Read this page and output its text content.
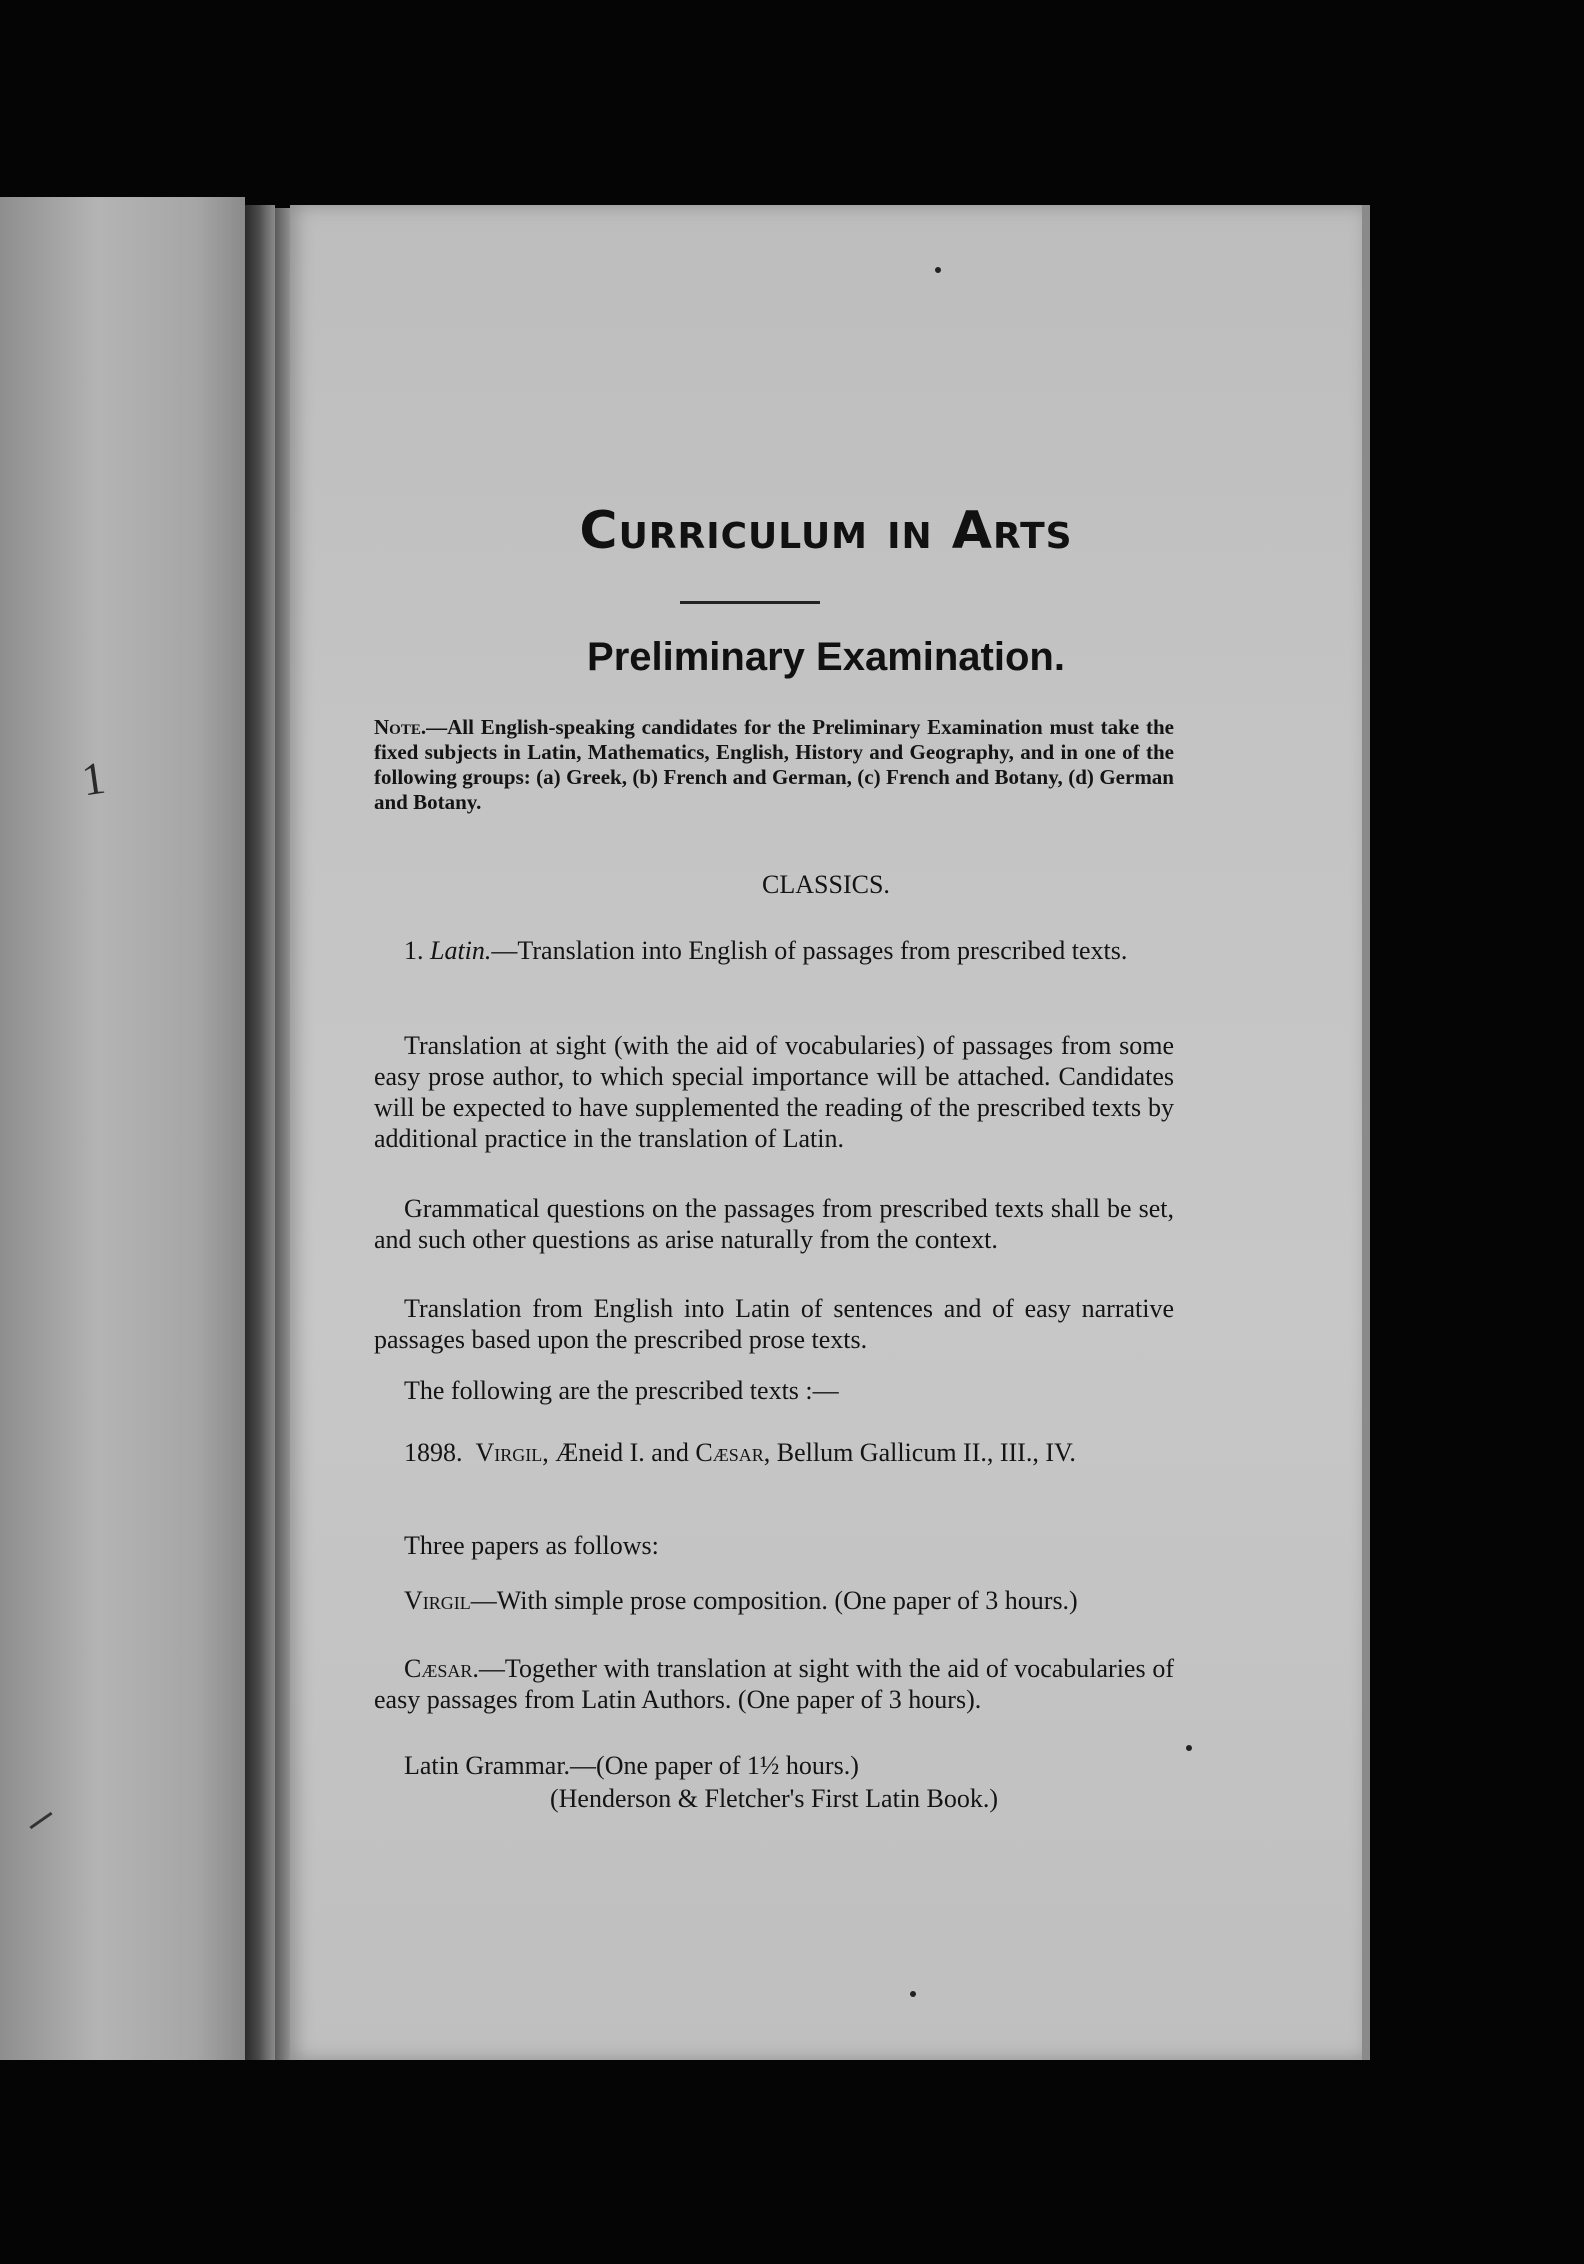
1
Curriculum in Arts
Preliminary Examination.
Note.—All English-speaking candidates for the Preliminary Examination must take the fixed subjects in Latin, Mathematics, English, History and Geography, and in one of the following groups: (a) Greek, (b) French and German, (c) French and Botany, (d) German and Botany.
CLASSICS.
1. Latin.—Translation into English of passages from prescribed texts.
Translation at sight (with the aid of vocabularies) of passages from some easy prose author, to which special importance will be attached. Candidates will be expected to have supplemented the reading of the prescribed texts by additional practice in the translation of Latin.
Grammatical questions on the passages from prescribed texts shall be set, and such other questions as arise naturally from the context.
Translation from English into Latin of sentences and of easy narrative passages based upon the prescribed prose texts.
The following are the prescribed texts :—
1898. Virgil, Æneid I. and Cæsar, Bellum Gallicum II., III., IV.
Three papers as follows:
Virgil—With simple prose composition. (One paper of 3 hours.)
Cæsar.—Together with translation at sight with the aid of vocabularies of easy passages from Latin Authors. (One paper of 3 hours).
Latin Grammar.—(One paper of 1½ hours.)
(Henderson & Fletcher's First Latin Book.)
